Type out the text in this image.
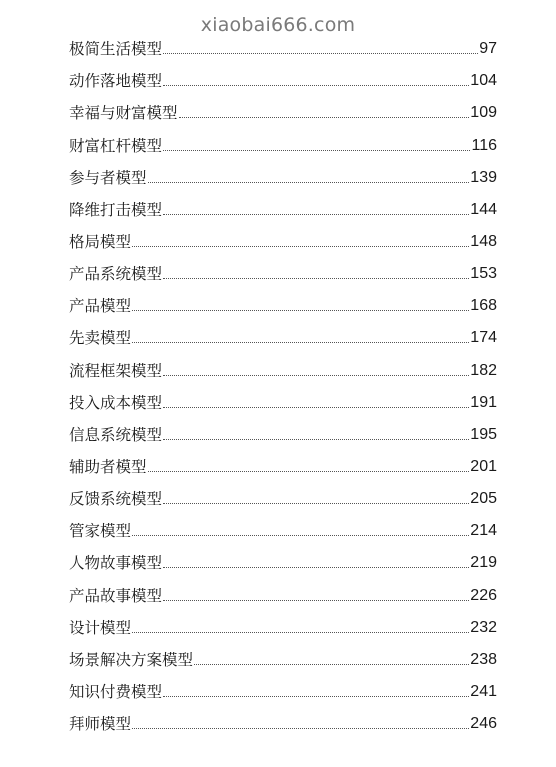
xiaobai666.com
极简生活模型	97
动作落地模型	104
幸福与财富模型	109
财富杠杆模型	116
参与者模型	139
降维打击模型	144
格局模型	148
产品系统模型	153
产品模型	168
先卖模型	174
流程框架模型	182
投入成本模型	191
信息系统模型	195
辅助者模型	201
反馈系统模型	205
管家模型	214
人物故事模型	219
产品故事模型	226
设计模型	232
场景解决方案模型	238
知识付费模型	241
拜师模型	246
